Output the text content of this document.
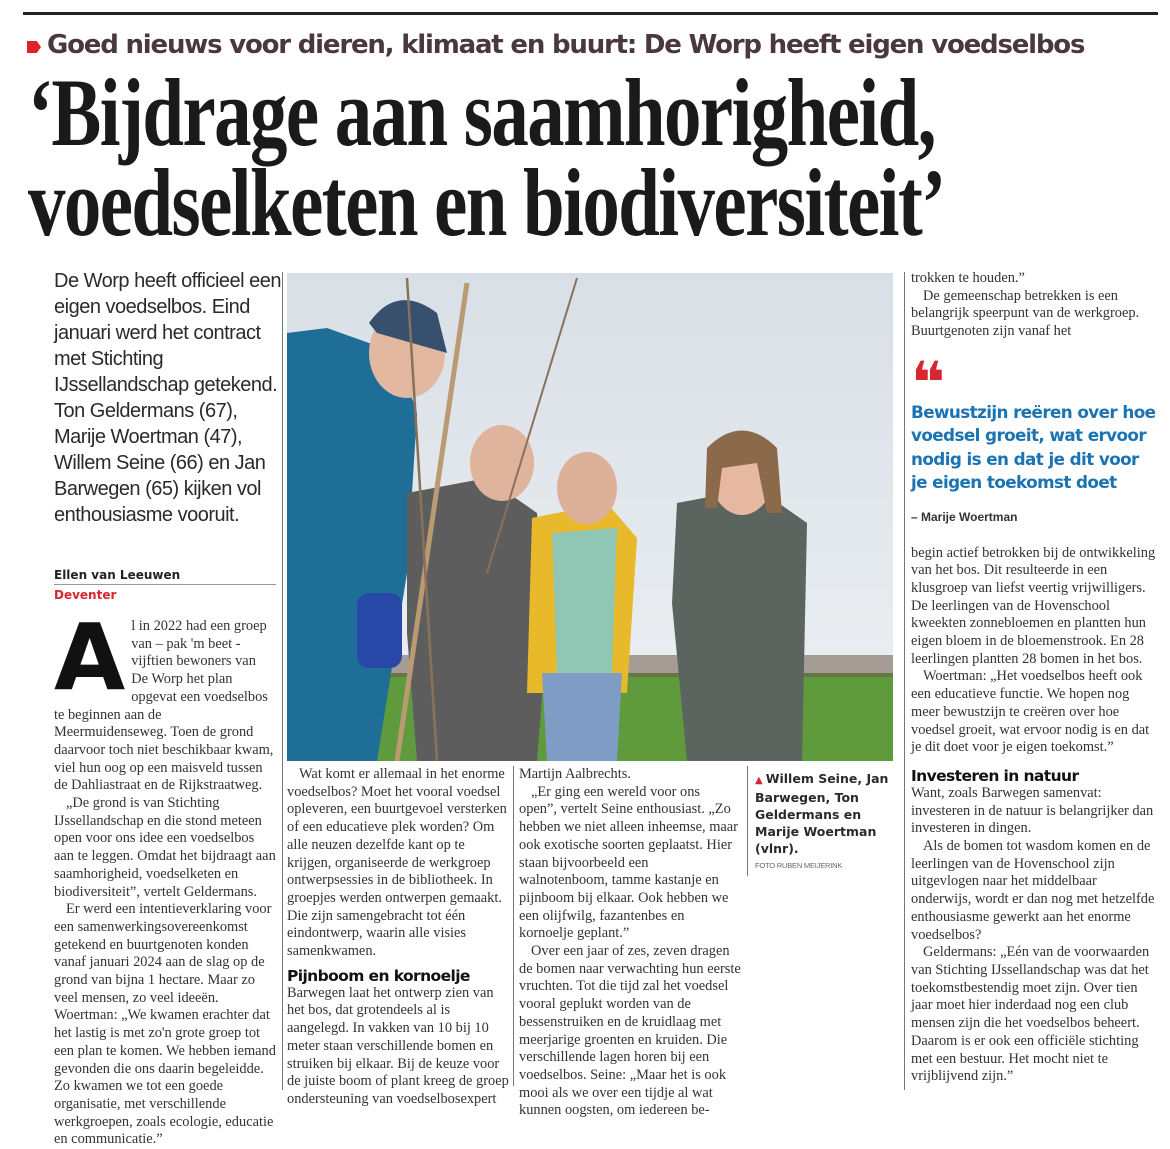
Goed nieuws voor dieren, klimaat en buurt: De Worp heeft eigen voedselbos
‘Bijdrage aan saamhorigheid,
voedselketen en biodiversiteit’
De Worp heeft officieel een eigen voedselbos. Eind januari werd het contract met Stichting IJssellandschap getekend. Ton Geldermans (67), Marije Woertman (47), Willem Seine (66) en Jan Barwegen (65) kijken vol enthousiasme vooruit.
Ellen van Leeuwen
Deventer
A l in 2022 had een groep van – pak 'm beet - vijftien bewoners van De Worp het plan opgevat een voedselbos te beginnen aan de Meermuidenseweg. Toen de grond daarvoor toch niet beschikbaar kwam, viel hun oog op een maisveld tussen de Dahliastraat en de Rijkstraatweg.

„De grond is van Stichting IJssellandschap en die stond meteen open voor ons idee een voedselbos aan te leggen. Omdat het bijdraagt aan saamhorigheid, voedselketen en biodiversiteit”, vertelt Geldermans.

Er werd een intentieverklaring voor een samenwerkingsovereenkomst getekend en buurtgenoten konden vanaf januari 2024 aan de slag op de grond van bijna 1 hectare. Maar zo veel mensen, zo veel ideeën. Woertman: „We kwamen erachter dat het lastig is met zo'n grote groep tot een plan te komen. We hebben iemand gevonden die ons daarin begeleidde. Zo kwamen we tot een goede organisatie, met verschillende werkgroepen, zoals ecologie, educatie en communicatie.”

Wat komt er allemaal in het enorme voedselbos? Moet het vooral voedsel opleveren, een buurtgevoel versterken of een educatieve plek worden? Om alle neuzen dezelfde kant op te krijgen, organiseerde de werkgroep ontwerpsessies in de bibliotheek. In groepjes werden ontwerpen gemaakt. Die zijn samengebracht tot één eindontwerp, waarin alle visies samenkwamen.

Pijnboom en kornoelje

Barwegen laat het ontwerp zien van het bos, dat grotendeels al is aangelegd. In vakken van 10 bij 10 meter staan verschillende bomen en struiken bij elkaar. Bij de keuze voor de juiste boom of plant kreeg de groep ondersteuning van voedselbosexpert

Martijn Aalbrechts.

„Er ging een wereld voor ons open”, vertelt Seine enthousiast. „Zo hebben we niet alleen inheemse, maar ook exotische soorten geplaatst. Hier staan bijvoorbeeld een walnotenboom, tamme kastanje en pijnboom bij elkaar. Ook hebben we een olijfwilg, fazantenbes en kornoelje geplant.”

Over een jaar of zes, zeven dragen de bomen naar verwachting hun eerste vruchten. Tot die tijd zal het voedsel vooral geplukt worden van de bessenstruiken en de kruidlaag met meerjarige groenten en kruiden. Die verschillende lagen horen bij een voedselbos. Seine: „Maar het is ook mooi als we over een tijdje al wat kunnen oogsten, om iedereen be-

▲ Willem Seine, Jan Barwegen, Ton Geldermans en Marije Woertman (vlnr).
FOTO RUBEN MEIJERINK

trokken te houden.”

De gemeenschap betrekken is een belangrijk speerpunt van de werkgroep. Buurtgenoten zijn vanaf het

❝
Bewustzijn reëren over hoe voedsel groeit, wat ervoor nodig is en dat je dit voor je eigen toekomst doet
– Marije Woertman

begin actief betrokken bij de ontwikkeling van het bos. Dit resulteerde in een klusgroep van liefst veertig vrijwilligers. De leerlingen van de Hovenschool kweekten zonnebloemen en plantten hun eigen bloem in de bloemenstrook. En 28 leerlingen plantten 28 bomen in het bos.

Woertman: „Het voedselbos heeft ook een educatieve functie. We hopen nog meer bewustzijn te creëren over hoe voedsel groeit, wat ervoor nodig is en dat je dit doet voor je eigen toekomst.”

Investeren in natuur

Want, zoals Barwegen samenvat: investeren in de natuur is belangrijker dan investeren in dingen.

Als de bomen tot wasdom komen en de leerlingen van de Hovenschool zijn uitgevlogen naar het middelbaar onderwijs, wordt er dan nog met hetzelfde enthousiasme gewerkt aan het enorme voedselbos?

Geldermans: „Eén van de voorwaarden van Stichting IJssellandschap was dat het toekomstbestendig moet zijn. Over tien jaar moet hier inderdaad nog een club mensen zijn die het voedselbos beheert. Daarom is er ook een officiële stichting met een bestuur. Het mocht niet te vrijblijvend zijn.”
